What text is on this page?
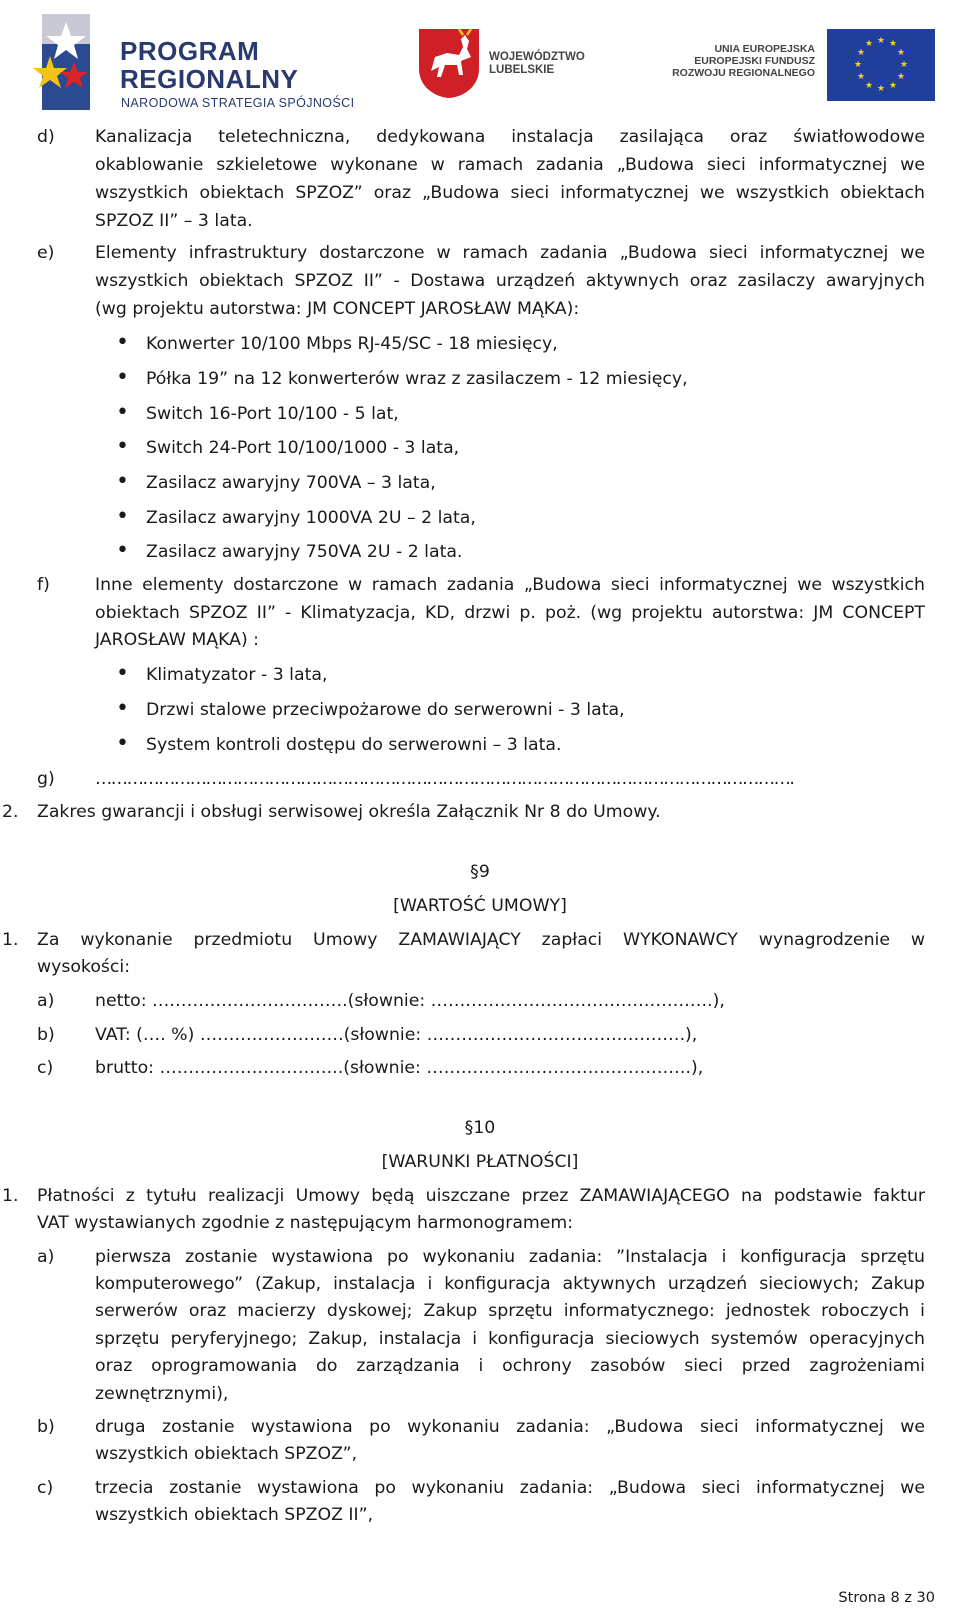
PROGRAM
REGIONALNY
NARODOWA STRATEGIA SPÓJNOŚCI
WOJEWÓDZTWO
LUBELSKIE
UNIA EUROPEJSKA
EUROPEJSKI FUNDUSZ
ROZWOJU REGIONALNEGO
★ ★
★
★
★
★
★
★
★
★
★
★
d) Kanalizacja teletechniczna, dedykowana instalacja zasilająca oraz światłowodowe
okablowanie szkieletowe wykonane w ramach zadania „Budowa sieci informatycznej we
wszystkich obiektach SPZOZ” oraz „Budowa sieci informatycznej we wszystkich obiektach
SPZOZ II” – 3 lata.
e) Elementy infrastruktury dostarczone w ramach zadania „Budowa sieci informatycznej we
wszystkich obiektach SPZOZ II” - Dostawa urządzeń aktywnych oraz zasilaczy awaryjnych
(wg projektu autorstwa: JM CONCEPT JAROSŁAW MĄKA):
Konwerter 10/100 Mbps RJ-45/SC - 18 miesięcy,
Półka 19” na 12 konwerterów wraz z zasilaczem - 12 miesięcy,
Switch 16-Port 10/100 - 5 lat,
Switch 24-Port 10/100/1000 - 3 lata,
Zasilacz awaryjny 700VA – 3 lata,
Zasilacz awaryjny 1000VA 2U – 2 lata,
Zasilacz awaryjny 750VA 2U - 2 lata.
f)	Inne elementy dostarczone w ramach zadania „Budowa sieci informatycznej we wszystkich
obiektach SPZOZ II” - Klimatyzacja, KD, drzwi p. poż. (wg projektu autorstwa: JM CONCEPT
JAROSŁAW MĄKA) :
Klimatyzator - 3 lata,
Drzwi stalowe przeciwpożarowe do serwerowni - 3 lata,
System kontroli dostępu do serwerowni – 3 lata.
g) …………………………………………………………………………………………………………………….
2. Zakres gwarancji i obsługi serwisowej określa Załącznik Nr 8 do Umowy.
§9
[WARTOŚĆ UMOWY]
1. Za wykonanie przedmiotu Umowy ZAMAWIAJĄCY zapłaci WYKONAWCY wynagrodzenie w
wysokości:
a) netto: …………………………….(słownie: ………………………………………….),
b) VAT: (…. %) …………………….(słownie: ……………………………..……….),
c) brutto: …………………………..(słownie: ……………………………………….),
§10
[WARUNKI PŁATNOŚCI]
1. Płatności z tytułu realizacji Umowy będą uiszczane przez ZAMAWIAJĄCEGO na podstawie faktur
VAT wystawianych zgodnie z następującym harmonogramem:
a) pierwsza zostanie wystawiona po wykonaniu zadania: ”Instalacja i konfiguracja sprzętu
komputerowego” (Zakup, instalacja i konfiguracja aktywnych urządzeń sieciowych; Zakup
serwerów oraz macierzy dyskowej; Zakup sprzętu informatycznego: jednostek roboczych i
sprzętu peryferyjnego; Zakup, instalacja i konfiguracja sieciowych systemów operacyjnych
oraz oprogramowania do zarządzania i ochrony zasobów sieci przed zagrożeniami
zewnętrznymi),
b) druga zostanie wystawiona po wykonaniu zadania: „Budowa sieci informatycznej we
wszystkich obiektach SPZOZ”,
c) trzecia zostanie wystawiona po wykonaniu zadania: „Budowa sieci informatycznej we
wszystkich obiektach SPZOZ II”,
Strona 8 z 30
